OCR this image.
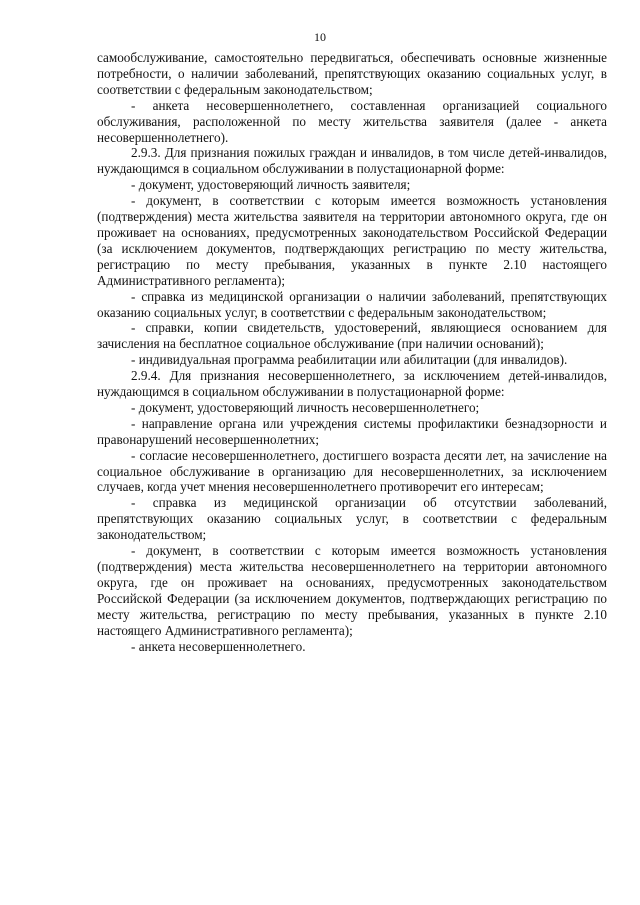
10

самообслуживание, самостоятельно передвигаться, обеспечивать основные жизненные потребности, о наличии заболеваний, препятствующих оказанию социальных услуг, в соответствии с федеральным законодательством;

- анкета несовершеннолетнего, составленная организацией социального обслуживания, расположенной по месту жительства заявителя (далее - анкета несовершеннолетнего).

2.9.3. Для признания пожилых граждан и инвалидов, в том числе детей-инвалидов, нуждающимся в социальном обслуживании в полустационарной форме:

- документ, удостоверяющий личность заявителя;

- документ, в соответствии с которым имеется возможность установления (подтверждения) места жительства заявителя на территории автономного округа, где он проживает на основаниях, предусмотренных законодательством Российской Федерации (за исключением документов, подтверждающих регистрацию по месту жительства, регистрацию по месту пребывания, указанных в пункте 2.10 настоящего Административного регламента);

- справка из медицинской организации о наличии заболеваний, препятствующих оказанию социальных услуг, в соответствии с федеральным законодательством;

- справки, копии свидетельств, удостоверений, являющиеся основанием для зачисления на бесплатное социальное обслуживание (при наличии оснований);

- индивидуальная программа реабилитации или абилитации (для инвалидов).

2.9.4. Для признания несовершеннолетнего, за исключением детей-инвалидов, нуждающимся в социальном обслуживании в полустационарной форме:

- документ, удостоверяющий личность несовершеннолетнего;

- направление органа или учреждения системы профилактики безнадзорности и правонарушений несовершеннолетних;

- согласие несовершеннолетнего, достигшего возраста десяти лет, на зачисление на социальное обслуживание в организацию для несовершеннолетних, за исключением случаев, когда учет мнения несовершеннолетнего противоречит его интересам;

- справка из медицинской организации об отсутствии заболеваний, препятствующих оказанию социальных услуг, в соответствии с федеральным законодательством;

- документ, в соответствии с которым имеется возможность установления (подтверждения) места жительства несовершеннолетнего на территории автономного округа, где он проживает на основаниях, предусмотренных законодательством Российской Федерации (за исключением документов, подтверждающих регистрацию по месту жительства, регистрацию по месту пребывания, указанных в пункте 2.10 настоящего Административного регламента);

- анкета несовершеннолетнего.
